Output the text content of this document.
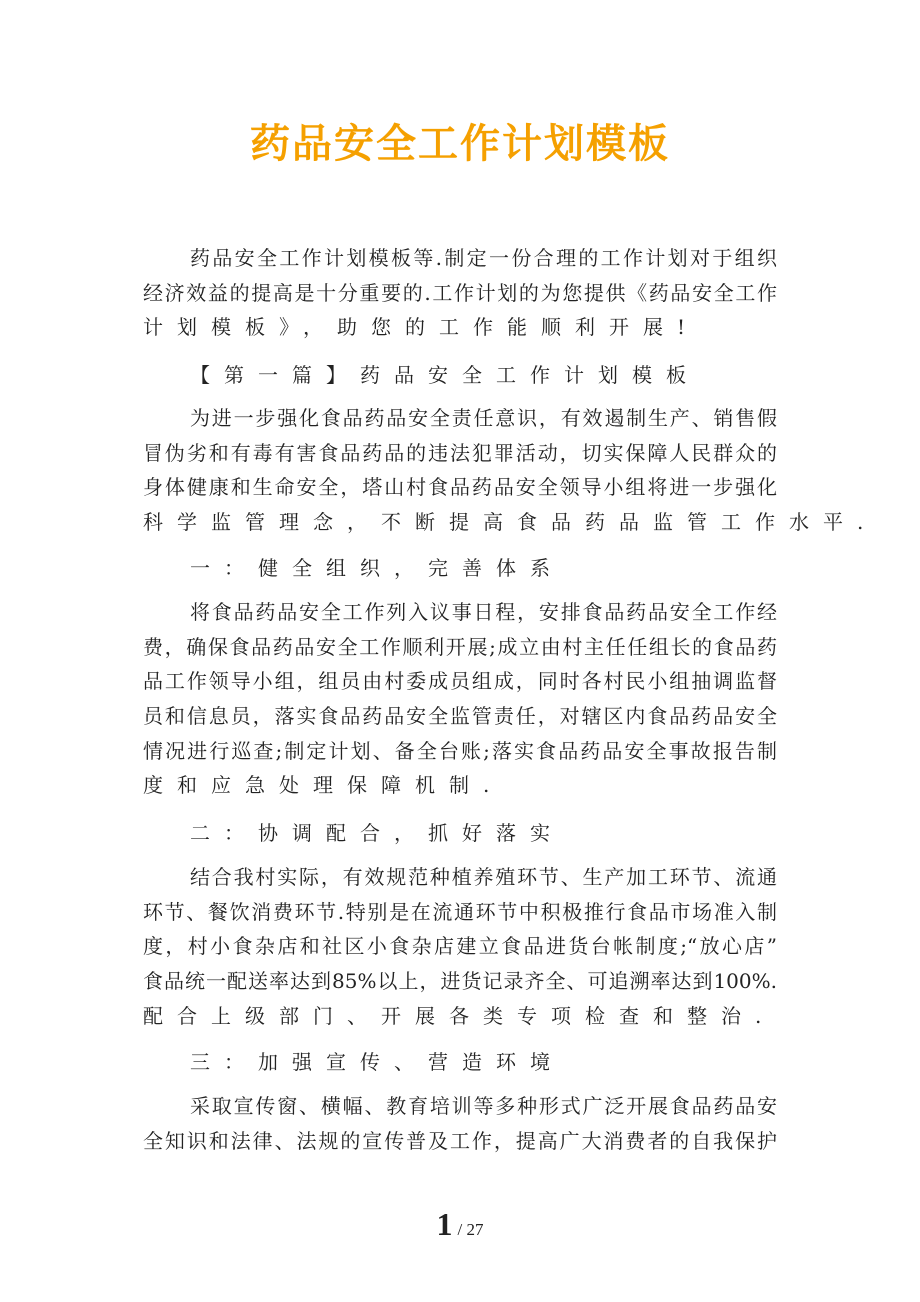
药品安全工作计划模板
药品安全工作计划模板等.制定一份合理的工作计划对于组织
经济效益的提高是十分重要的.工作计划的为您提供《药品安全工作
计划模板》，助您的工作能顺利开展!
【第一篇】药品安全工作计划模板
为进一步强化食品药品安全责任意识，有效遏制生产、销售假
冒伪劣和有毒有害食品药品的违法犯罪活动，切实保障人民群众的
身体健康和生命安全，塔山村食品药品安全领导小组将进一步强化
科学监管理念，不断提高食品药品监管工作水平.
一：健全组织，完善体系
将食品药品安全工作列入议事日程，安排食品药品安全工作经
费，确保食品药品安全工作顺利开展;成立由村主任任组长的食品药
品工作领导小组，组员由村委成员组成，同时各村民小组抽调监督
员和信息员，落实食品药品安全监管责任，对辖区内食品药品安全
情况进行巡查;制定计划、备全台账;落实食品药品安全事故报告制
度和应急处理保障机制.
二：协调配合，抓好落实
结合我村实际，有效规范种植养殖环节、生产加工环节、流通
环节、餐饮消费环节.特别是在流通环节中积极推行食品市场准入制
度，村小食杂店和社区小食杂店建立食品进货台帐制度;“放心店”
食品统一配送率达到85%以上，进货记录齐全、可追溯率达到100%.
配合上级部门、开展各类专项检查和整治.
三：加强宣传、营造环境
采取宣传窗、横幅、教育培训等多种形式广泛开展食品药品安
全知识和法律、法规的宣传普及工作，提高广大消费者的自我保护
1 / 27
